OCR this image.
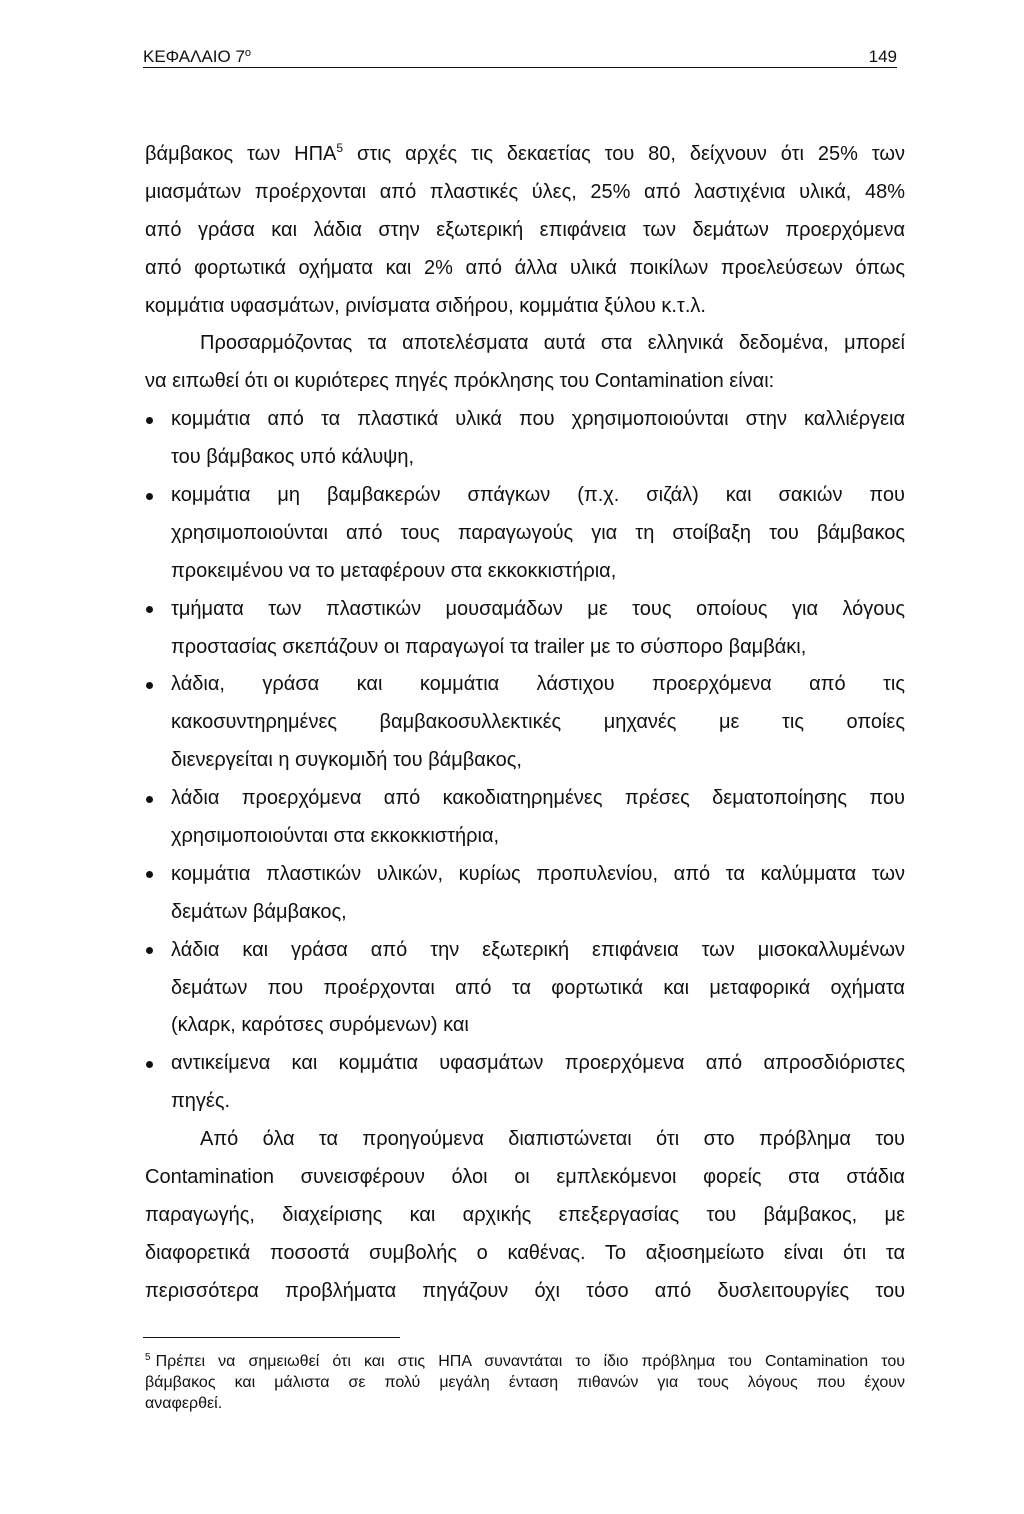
ΚΕΦΑΛΑΙΟ $7^o$	149
βάμβακος των ΗΠΑ$^5$ στις αρχές τις δεκαετίας του 80, δείχνουν ότι 25% των
μιασμάτων προέρχονται από πλαστικές ύλες, 25% από λαστιχένια υλικά, 48%
από γράσα και λάδια στην εξωτερική επιφάνεια των δεμάτων προερχόμενα
από φορτωτικά οχήματα και 2% από άλλα υλικά ποικίλων προελεύσεων όπως
κομμάτια υφασμάτων, ρινίσματα σιδήρου, κομμάτια ξύλου κ.τ.λ.
Προσαρμόζοντας τα αποτελέσματα αυτά στα ελληνικά δεδομένα, μπορεί
να ειπωθεί ότι οι κυριότερες πηγές πρόκλησης του Contamination είναι:
κομμάτια από τα πλαστικά υλικά που χρησιμοποιούνται στην καλλιέργεια
του βάμβακος υπό κάλυψη,
κομμάτια μη βαμβακερών σπάγκων (π.χ. σιζάλ) και σακιών που
χρησιμοποιούνται από τους παραγωγούς για τη στοίβαξη του βάμβακος
προκειμένου να το μεταφέρουν στα εκκοκκιστήρια,
τμήματα των πλαστικών μουσαμάδων με τους οποίους για λόγους
προστασίας σκεπάζουν οι παραγωγοί τα trailer με το σύσπορο βαμβάκι,
λάδια, γράσα και κομμάτια λάστιχου προερχόμενα από τις
κακοσυντηρημένες βαμβακοσυλλεκτικές μηχανές με τις οποίες
διενεργείται η συγκομιδή του βάμβακος,
λάδια προερχόμενα από κακοδιατηρημένες πρέσες δεματοποίησης που
χρησιμοποιούνται στα εκκοκκιστήρια,
κομμάτια πλαστικών υλικών, κυρίως προπυλενίου, από τα καλύμματα των
δεμάτων βάμβακος,
λάδια και γράσα από την εξωτερική επιφάνεια των μισοκαλλυμένων
δεμάτων που προέρχονται από τα φορτωτικά και μεταφορικά οχήματα
(κλαρκ, καρότσες συρόμενων) και
αντικείμενα και κομμάτια υφασμάτων προερχόμενα από απροσδιόριστες
πηγές.
Από όλα τα προηγούμενα διαπιστώνεται ότι στο πρόβλημα του
Contamination συνεισφέρουν όλοι οι εμπλεκόμενοι φορείς στα στάδια
παραγωγής, διαχείρισης και αρχικής επεξεργασίας του βάμβακος, με
διαφορετικά ποσοστά συμβολής ο καθένας. Το αξιοσημείωτο είναι ότι τα
περισσότερα προβλήματα πηγάζουν όχι τόσο από δυσλειτουργίες του
$^5$ Πρέπει να σημειωθεί ότι και στις ΗΠΑ συναντάται το ίδιο πρόβλημα του Contamination του
βάμβακος και μάλιστα σε πολύ μεγάλη ένταση πιθανών για τους λόγους που έχουν
αναφερθεί.
